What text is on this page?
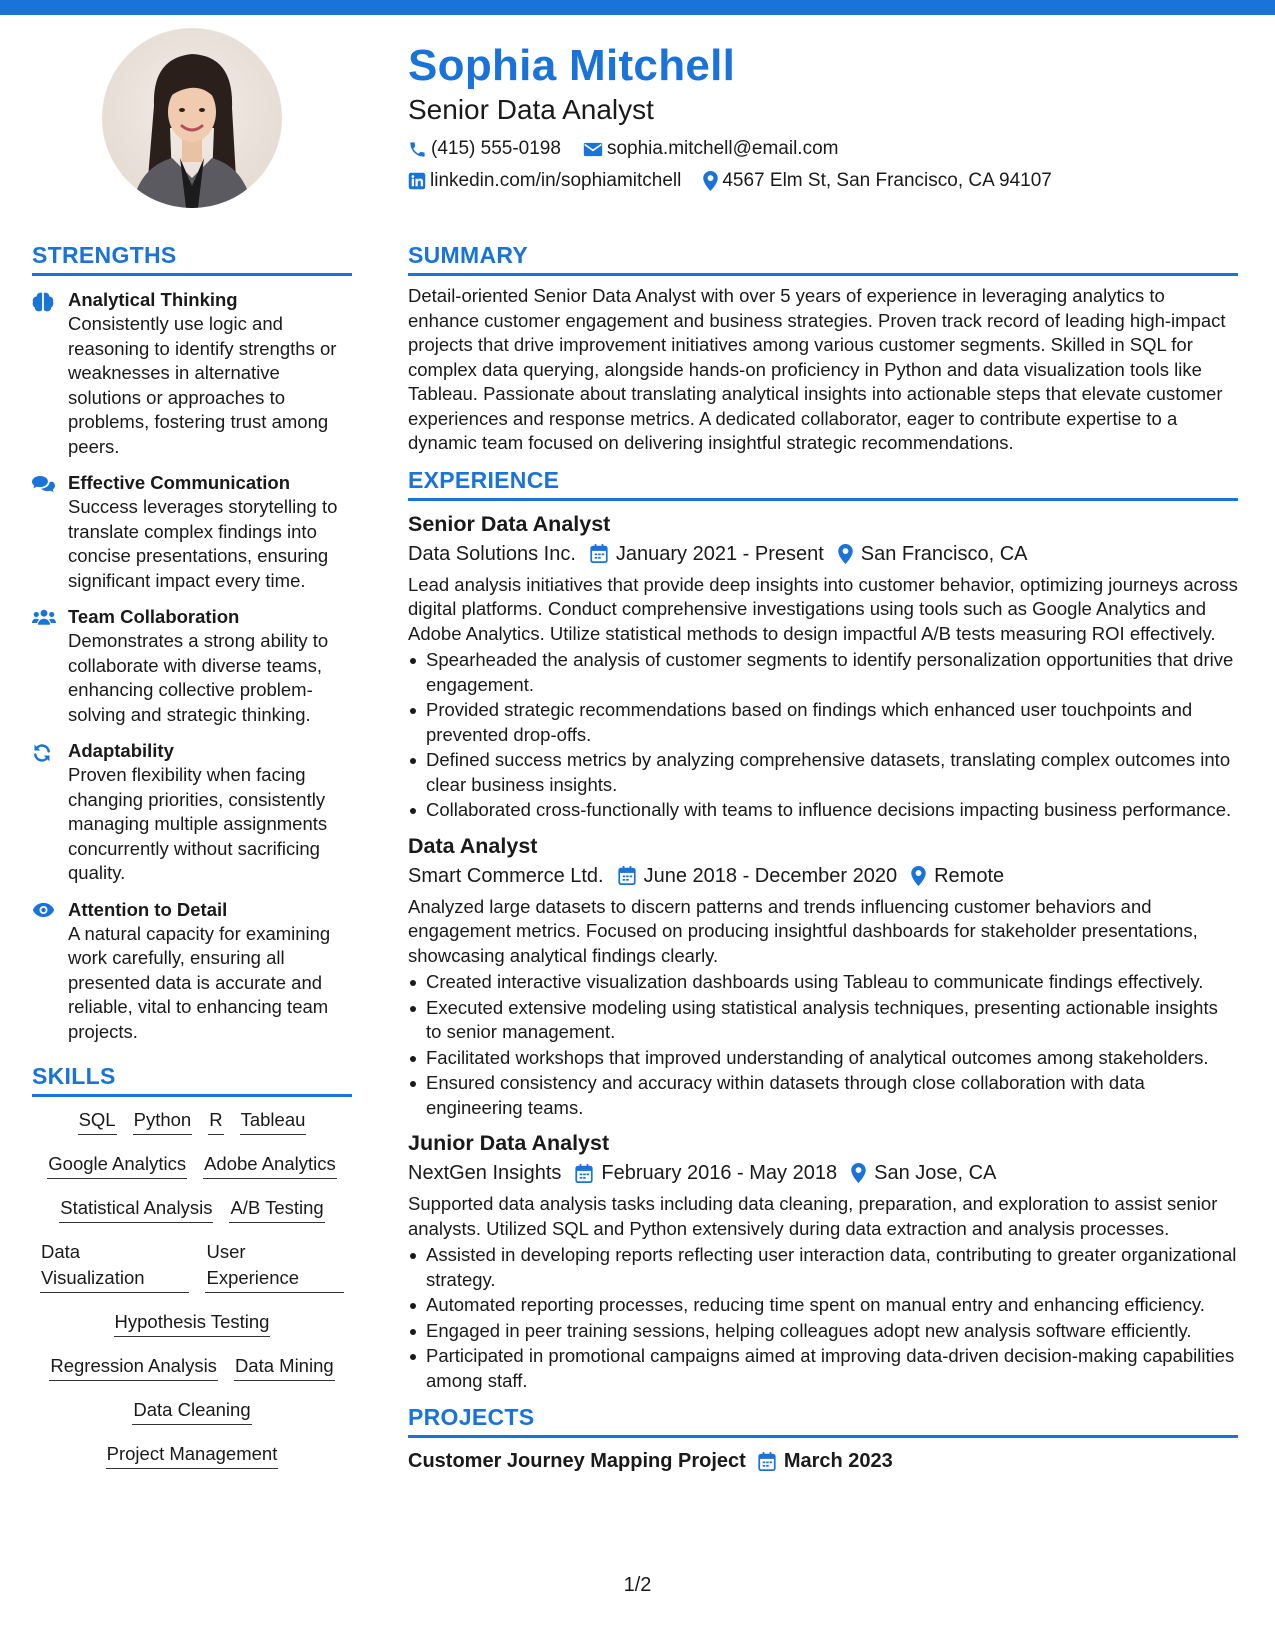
Sophia Mitchell
Senior Data Analyst
(415) 555-0198 sophia.mitchell@email.com
linkedin.com/in/sophiamitchell 4567 Elm St, San Francisco, CA 94107
STRENGTHS
Analytical Thinking
Consistently use logic and reasoning to identify strengths or weaknesses in alternative solutions or approaches to problems, fostering trust among peers.
Effective Communication
Success leverages storytelling to translate complex findings into concise presentations, ensuring significant impact every time.
Team Collaboration
Demonstrates a strong ability to collaborate with diverse teams, enhancing collective problem-solving and strategic thinking.
Adaptability
Proven flexibility when facing changing priorities, consistently managing multiple assignments concurrently without sacrificing quality.
Attention to Detail
A natural capacity for examining work carefully, ensuring all presented data is accurate and reliable, vital to enhancing team projects.
SKILLS
SQL Python R Tableau
Google Analytics Adobe Analytics
Statistical Analysis A/B Testing
Data Visualization
User Experience
Hypothesis Testing
Regression Analysis Data Mining
Data Cleaning
Project Management
SUMMARY
Detail-oriented Senior Data Analyst with over 5 years of experience in leveraging analytics to enhance customer engagement and business strategies. Proven track record of leading high-impact projects that drive improvement initiatives among various customer segments. Skilled in SQL for complex data querying, alongside hands-on proficiency in Python and data visualization tools like Tableau. Passionate about translating analytical insights into actionable steps that elevate customer experiences and response metrics. A dedicated collaborator, eager to contribute expertise to a dynamic team focused on delivering insightful strategic recommendations.
EXPERIENCE
Senior Data Analyst
Data Solutions Inc. January 2021 - Present San Francisco, CA
Lead analysis initiatives that provide deep insights into customer behavior, optimizing journeys across digital platforms. Conduct comprehensive investigations using tools such as Google Analytics and Adobe Analytics. Utilize statistical methods to design impactful A/B tests measuring ROI effectively.
Spearheaded the analysis of customer segments to identify personalization opportunities that drive engagement.
Provided strategic recommendations based on findings which enhanced user touchpoints and prevented drop-offs.
Defined success metrics by analyzing comprehensive datasets, translating complex outcomes into clear business insights.
Collaborated cross-functionally with teams to influence decisions impacting business performance.
Data Analyst
Smart Commerce Ltd. June 2018 - December 2020 Remote
Analyzed large datasets to discern patterns and trends influencing customer behaviors and engagement metrics. Focused on producing insightful dashboards for stakeholder presentations, showcasing analytical findings clearly.
Created interactive visualization dashboards using Tableau to communicate findings effectively.
Executed extensive modeling using statistical analysis techniques, presenting actionable insights to senior management.
Facilitated workshops that improved understanding of analytical outcomes among stakeholders.
Ensured consistency and accuracy within datasets through close collaboration with data engineering teams.
Junior Data Analyst
NextGen Insights February 2016 - May 2018 San Jose, CA
Supported data analysis tasks including data cleaning, preparation, and exploration to assist senior analysts. Utilized SQL and Python extensively during data extraction and analysis processes.
Assisted in developing reports reflecting user interaction data, contributing to greater organizational strategy.
Automated reporting processes, reducing time spent on manual entry and enhancing efficiency.
Engaged in peer training sessions, helping colleagues adopt new analysis software efficiently.
Participated in promotional campaigns aimed at improving data-driven decision-making capabilities among staff.
PROJECTS
Customer Journey Mapping Project March 2023
1/2
